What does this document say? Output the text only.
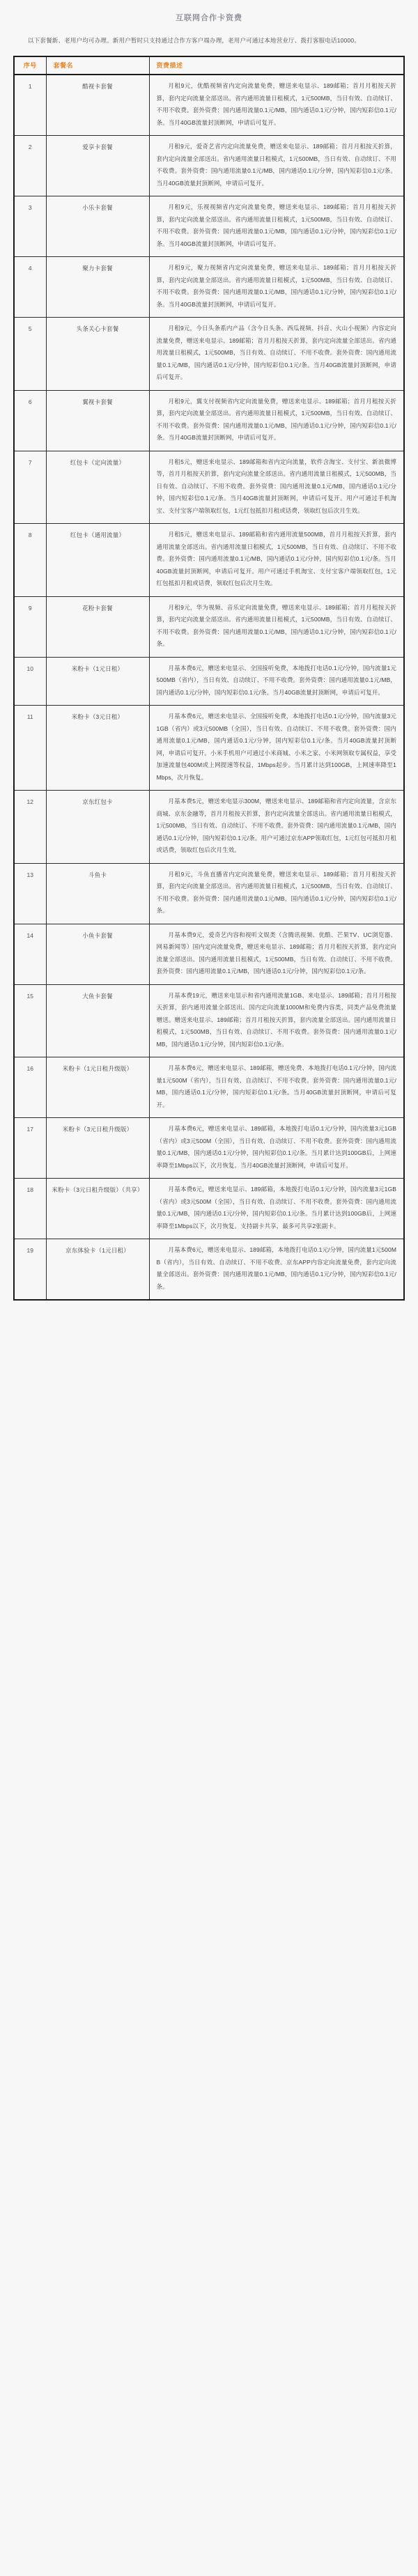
互联网合作卡资费

以下套餐新、老用户均可办理。新用户暂时只支持通过合作方客户端办理，老用户可通过本地营业厅、拨打客服电话10000。

序号	套餐名	资费描述
1	酷视卡套餐	月租9元，优酷视频省内定向流量免费，赠送来电显示、189邮箱；首月月租按天折算，套内定向流量全部送出。省内通用流量日租模式，1元500MB，当日有效、自动续订、不用不收费。套外资费：国内通用流量0.1元/MB，国内通话0.1元/分钟，国内短彩信0.1元/条。当月40GB流量封顶断网，申请后可复开。
2	爱享卡套餐	月租9元，爱奇艺省内定向流量免费，赠送来电显示、189邮箱；首月月租按天折算，套内定向流量全部送出。省内通用流量日租模式，1元500MB，当日有效、自动续订、不用不收费。套外资费：国内通用流量0.1元/MB，国内通话0.1元/分钟，国内短彩信0.1元/条。当月40GB流量封顶断网，申请后可复开。
3	小乐卡套餐	月租9元，乐视视频省内定向流量免费，赠送来电显示、189邮箱；首月月租按天折算，套内定向流量全部送出。省内通用流量日租模式，1元500MB，当日有效、自动续订、不用不收费。套外资费：国内通用流量0.1元/MB，国内通话0.1元/分钟，国内短彩信0.1元/条。当月40GB流量封顶断网，申请后可复开。
4	聚力卡套餐	月租9元，聚力视频省内定向流量免费，赠送来电显示、189邮箱；首月月租按天折算，套内定向流量全部送出。省内通用流量日租模式，1元500MB，当日有效、自动续订、不用不收费。套外资费：国内通用流量0.1元/MB，国内通话0.1元/分钟，国内短彩信0.1元/条。当月40GB流量封顶断网，申请后可复开。
5	头条关心卡套餐	月租9元，今日头条系内产品（含今日头条、西瓜视频、抖音、火山小视频）内容定向流量免费，赠送来电显示、189邮箱；首月月租按天折算，套内定向流量全部送出。省内通用流量日租模式，1元500MB，当日有效、自动续订、不用不收费。套外资费：国内通用流量0.1元/MB，国内通话0.1元/分钟，国内短彩信0.1元/条。当月40GB流量封顶断网，申请后可复开。
6	翼视卡套餐	月租9元，翼支付视频省内定向流量免费，赠送来电显示、189邮箱；首月月租按天折算，套内定向流量全部送出。省内通用流量日租模式，1元500MB，当日有效、自动续订、不用不收费。套外资费：国内通用流量0.1元/MB，国内通话0.1元/分钟，国内短彩信0.1元/条。当月40GB流量封顶断网，申请后可复开。
7	红包卡（定向流量）	月租5元，赠送来电显示、189邮箱和省内定向流量，软件含淘宝、支付宝、新浪微博等，首月月租按天折算，套内定向流量全部送出。省内通用流量日租模式，1元500MB，当日有效、自动续订、不用不收费。套外资费：国内通用流量0.1元/MB，国内通话0.1元/分钟，国内短彩信0.1元/条。当月40GB流量封顶断网，申请后可复开。用户可通过手机淘宝、支付宝客户端领取红包，1元红包抵扣月租或话费，领取红包后次月生效。
8	红包卡（通用流量）	月租5元，赠送来电显示、189邮箱和省内通用流量500MB，首月月租按天折算，套内通用流量全部送出。省内通用流量日租模式，1元500MB，当日有效、自动续订、不用不收费。套外资费：国内通用流量0.1元/MB，国内通话0.1元/分钟，国内短彩信0.1元/条。当月40GB流量封顶断网，申请后可复开。用户可通过手机淘宝、支付宝客户端领取红包，1元红包抵扣月租或话费，领取红包后次月生效。
9	花粉卡套餐	月租9元，华为视频、音乐定向流量免费，赠送来电显示、189邮箱；首月月租按天折算，套内定向流量全部送出。省内通用流量日租模式，1元500MB，当日有效、自动续订、不用不收费。套外资费：国内通用流量0.1元/MB，国内通话0.1元/分钟，国内短彩信0.1元/条。
10	米粉卡（1元日租）	月基本费6元，赠送来电显示、全国接听免费，本地拨打电话0.1元/分钟，国内流量1元500MB（省内），当日有效、自动续订、不用不收费。套外资费：国内通用流量0.1元/MB，国内通话0.1元/分钟，国内短彩信0.1元/条。当月40GB流量封顶断网，申请后可复开。
11	米粉卡（3元日租）	月基本费6元，赠送来电显示、全国接听免费，本地拨打电话0.1元/分钟，国内流量3元1GB（省内）或3元500MB（全国），当日有效、自动续订、不用不收费。套外资费：国内通用流量0.1元/MB，国内通话0.1元/分钟，国内短彩信0.1元/条。当月40GB流量封顶断网，申请后可复开。小米手机用户可通过小米商城、小米之家、小米网领取专属权益，享受加速流量包400M或上网提速等权益，1Mbps起步。当月累计达到100GB，上网速率降至1Mbps，次月恢复。
12	京东红包卡	月基本费5元，赠送来电显示300M，赠送来电显示、189邮箱和省内定向流量，含京东商城、京东金融等，首月月租按天折算，套内定向流量全部送出。省内通用流量日租模式，1元500MB，当日有效、自动续订、不用不收费。套外资费：国内通用流量0.1元/MB，国内通话0.1元/分钟，国内短彩信0.1元/条。用户可通过京东APP领取红包，1元红包可抵扣月租或话费，领取红包后次月生效。
13	斗鱼卡	月租9元，斗鱼直播省内定向流量免费，赠送来电显示、189邮箱；首月月租按天折算，套内定向流量全部送出。省内通用流量日租模式，1元500MB，当日有效、自动续订、不用不收费。套外资费：国内通用流量0.1元/MB，国内通话0.1元/分钟，国内短彩信0.1元/条。
14	小鱼卡套餐	月基本费9元，爱奇艺内容和视听文娱类（含腾讯视频、优酷、芒果TV、UC浏览器、网易新闻等）国内定向流量免费，赠送来电显示、189邮箱；首月月租按天折算，套内定向流量全部送出。国内通用流量日租模式，1元500MB，当日有效、自动续订、不用不收费。套外资费：国内通用流量0.1元/MB，国内通话0.1元/分钟，国内短彩信0.1元/条。
15	大鱼卡套餐	月基本费19元，赠送来电显示和省内通用流量1GB、来电显示、189邮箱；首月月租按天折算，套内通用流量全部送出。国内定向流量1000M和免费内容类，同类产品免费流量赠送。赠送来电显示、189邮箱；首月月租按天折算，套内流量全部送出。国内通用流量日租模式，1元500MB，当日有效、自动续订、不用不收费。套外资费：国内通用流量0.1元/MB，国内通话0.1元/分钟，国内短彩信0.1元/条。
16	米粉卡（1元日租升级版）	月基本费6元，赠送来电显示、189邮箱，赠送免费、本地拨打电话0.1元/分钟，国内流量1元500M（省内），当日有效、自动续订、不用不收费。套外资费：国内通用流量0.1元/MB，国内通话0.1元/分钟，国内短彩信0.1元/条。当月40GB流量封顶断网，申请后可复开。
17	米粉卡（3元日租升级版）	月基本费6元，赠送来电显示、189邮箱，本地拨打电话0.1元/分钟，国内流量3元1GB（省内）或3元500M（全国），当日有效、自动续订、不用不收费。套外资费：国内通用流量0.1元/MB，国内通话0.1元/分钟，国内短彩信0.1元/条。当月累计达到100GB后，上网速率降至1Mbps以下，次月恢复。当月40GB流量封顶断网，申请后可复开。
18	米粉卡（3元日租升级版）（共享）	月基本费6元，赠送来电显示、189邮箱，本地拨打电话0.1元/分钟，国内流量3元1GB（省内）或3元500M（全国），当日有效、自动续订、不用不收费。套外资费：国内通用流量0.1元/MB，国内通话0.1元/分钟，国内短彩信0.1元/条。当月累计达到100GB后，上网速率降至1Mbps以下，次月恢复。支持副卡共享，最多可共享2张副卡。
19	京东体验卡（1元日租）	月基本费6元，赠送来电显示、189邮箱，本地拨打电话0.1元/分钟，国内流量1元500MB（省内），当日有效、自动续订、不用不收费。京东APP内容定向流量免费，套内定向流量全部送出。套外资费：国内通用流量0.1元/MB，国内通话0.1元/分钟，国内短彩信0.1元/条。
